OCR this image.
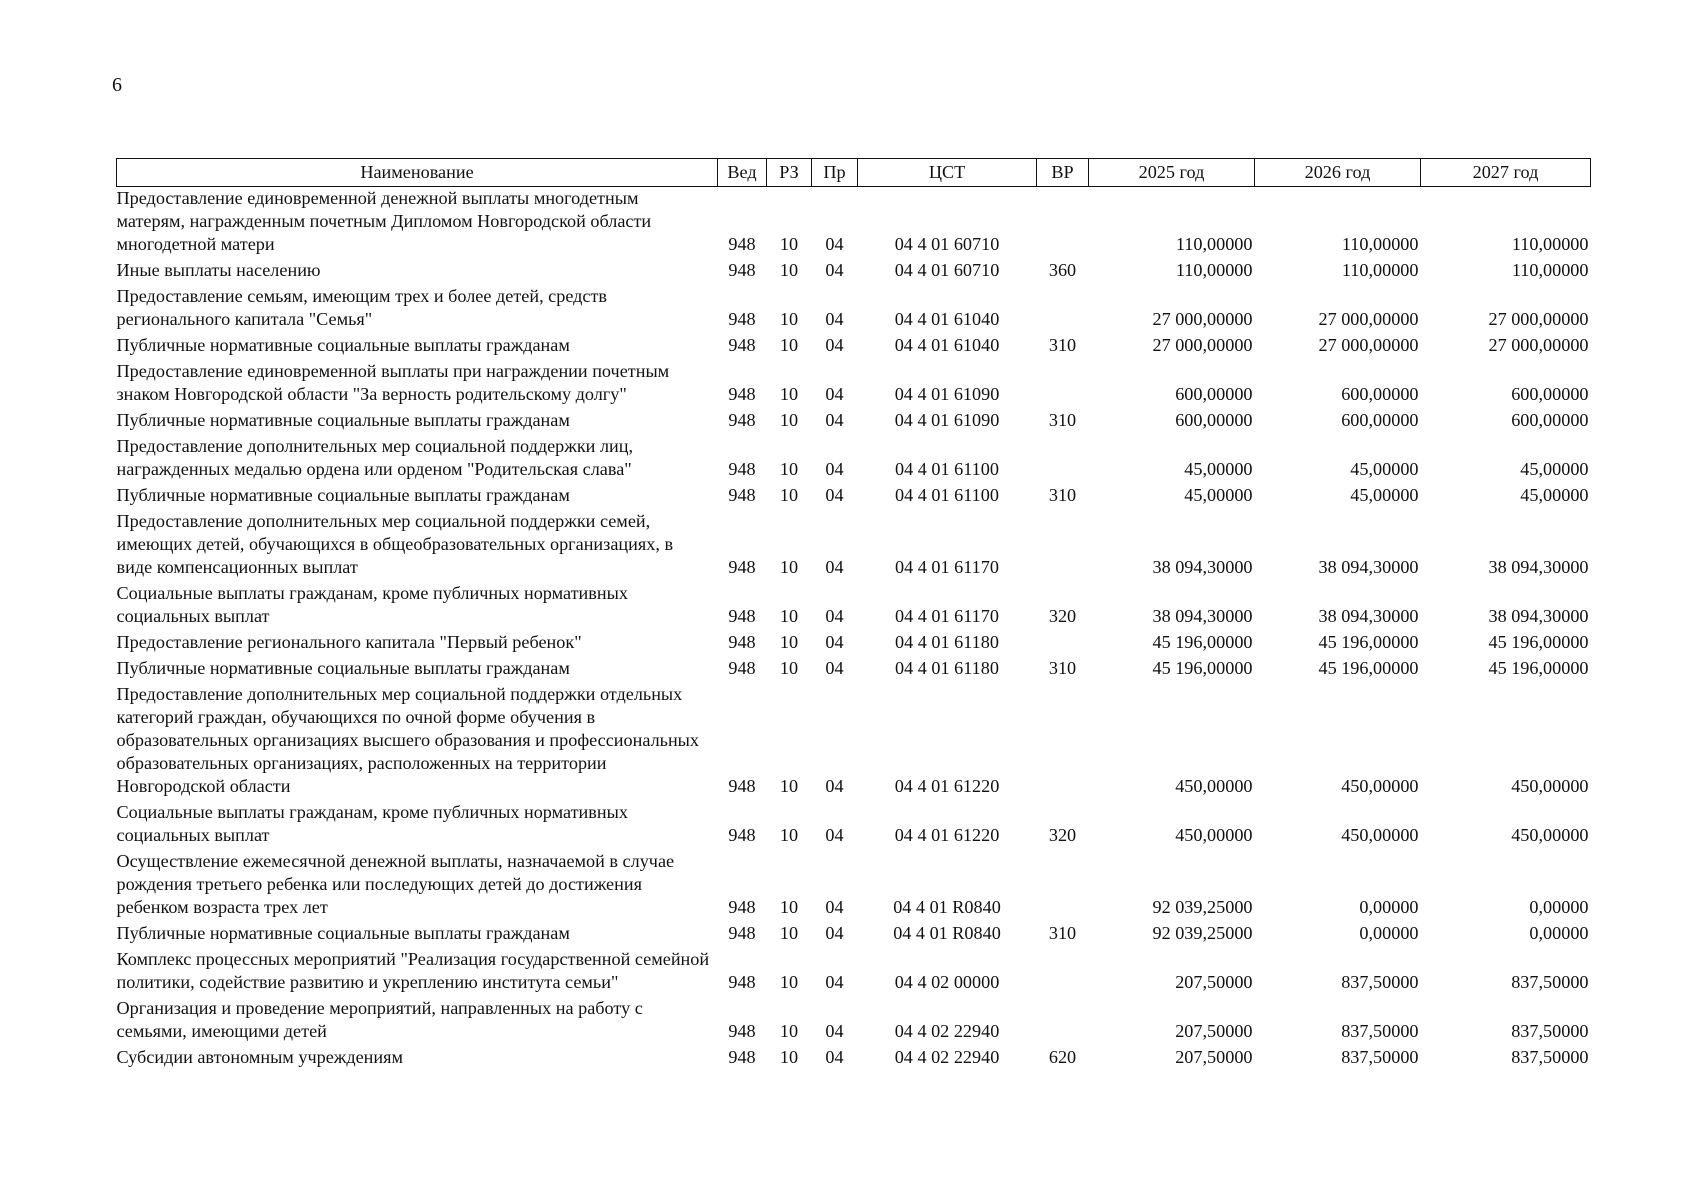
6
Наименование	Вед	РЗ	Пр	ЦСТ	ВР	2025 год	2026 год	2027 год
Предоставление единовременной денежной выплаты многодетным матерям, награжденным почетным Дипломом Новгородской области многодетной матери	948	10	04	04 4 01 60710		110,00000	110,00000	110,00000
Иные выплаты населению	948	10	04	04 4 01 60710	360	110,00000	110,00000	110,00000
Предоставление семьям, имеющим трех и более детей, средств регионального капитала "Семья"	948	10	04	04 4 01 61040		27 000,00000	27 000,00000	27 000,00000
Публичные нормативные социальные выплаты гражданам	948	10	04	04 4 01 61040	310	27 000,00000	27 000,00000	27 000,00000
Предоставление единовременной выплаты при награждении почетным знаком Новгородской области "За верность родительскому долгу"	948	10	04	04 4 01 61090		600,00000	600,00000	600,00000
Публичные нормативные социальные выплаты гражданам	948	10	04	04 4 01 61090	310	600,00000	600,00000	600,00000
Предоставление дополнительных мер социальной поддержки лиц, награжденных медалью ордена или орденом "Родительская слава"	948	10	04	04 4 01 61100		45,00000	45,00000	45,00000
Публичные нормативные социальные выплаты гражданам	948	10	04	04 4 01 61100	310	45,00000	45,00000	45,00000
Предоставление дополнительных мер социальной поддержки семей, имеющих детей, обучающихся в общеобразовательных организациях, в виде компенсационных выплат	948	10	04	04 4 01 61170		38 094,30000	38 094,30000	38 094,30000
Социальные выплаты гражданам, кроме публичных нормативных социальных выплат	948	10	04	04 4 01 61170	320	38 094,30000	38 094,30000	38 094,30000
Предоставление регионального капитала "Первый ребенок"	948	10	04	04 4 01 61180		45 196,00000	45 196,00000	45 196,00000
Публичные нормативные социальные выплаты гражданам	948	10	04	04 4 01 61180	310	45 196,00000	45 196,00000	45 196,00000
Предоставление дополнительных мер социальной поддержки отдельных категорий граждан, обучающихся по очной форме обучения в образовательных организациях высшего образования и профессиональных образовательных организациях, расположенных на территории Новгородской области	948	10	04	04 4 01 61220		450,00000	450,00000	450,00000
Социальные выплаты гражданам, кроме публичных нормативных социальных выплат	948	10	04	04 4 01 61220	320	450,00000	450,00000	450,00000
Осуществление ежемесячной денежной выплаты, назначаемой в случае рождения третьего ребенка или последующих детей до достижения ребенком возраста трех лет	948	10	04	04 4 01 R0840		92 039,25000	0,00000	0,00000
Публичные нормативные социальные выплаты гражданам	948	10	04	04 4 01 R0840	310	92 039,25000	0,00000	0,00000
Комплекс процессных мероприятий "Реализация государственной семейной политики, содействие развитию и укреплению института семьи"	948	10	04	04 4 02 00000		207,50000	837,50000	837,50000
Организация и проведение мероприятий, направленных на работу с семьями, имеющими детей	948	10	04	04 4 02 22940		207,50000	837,50000	837,50000
Субсидии автономным учреждениям	948	10	04	04 4 02 22940	620	207,50000	837,50000	837,50000
